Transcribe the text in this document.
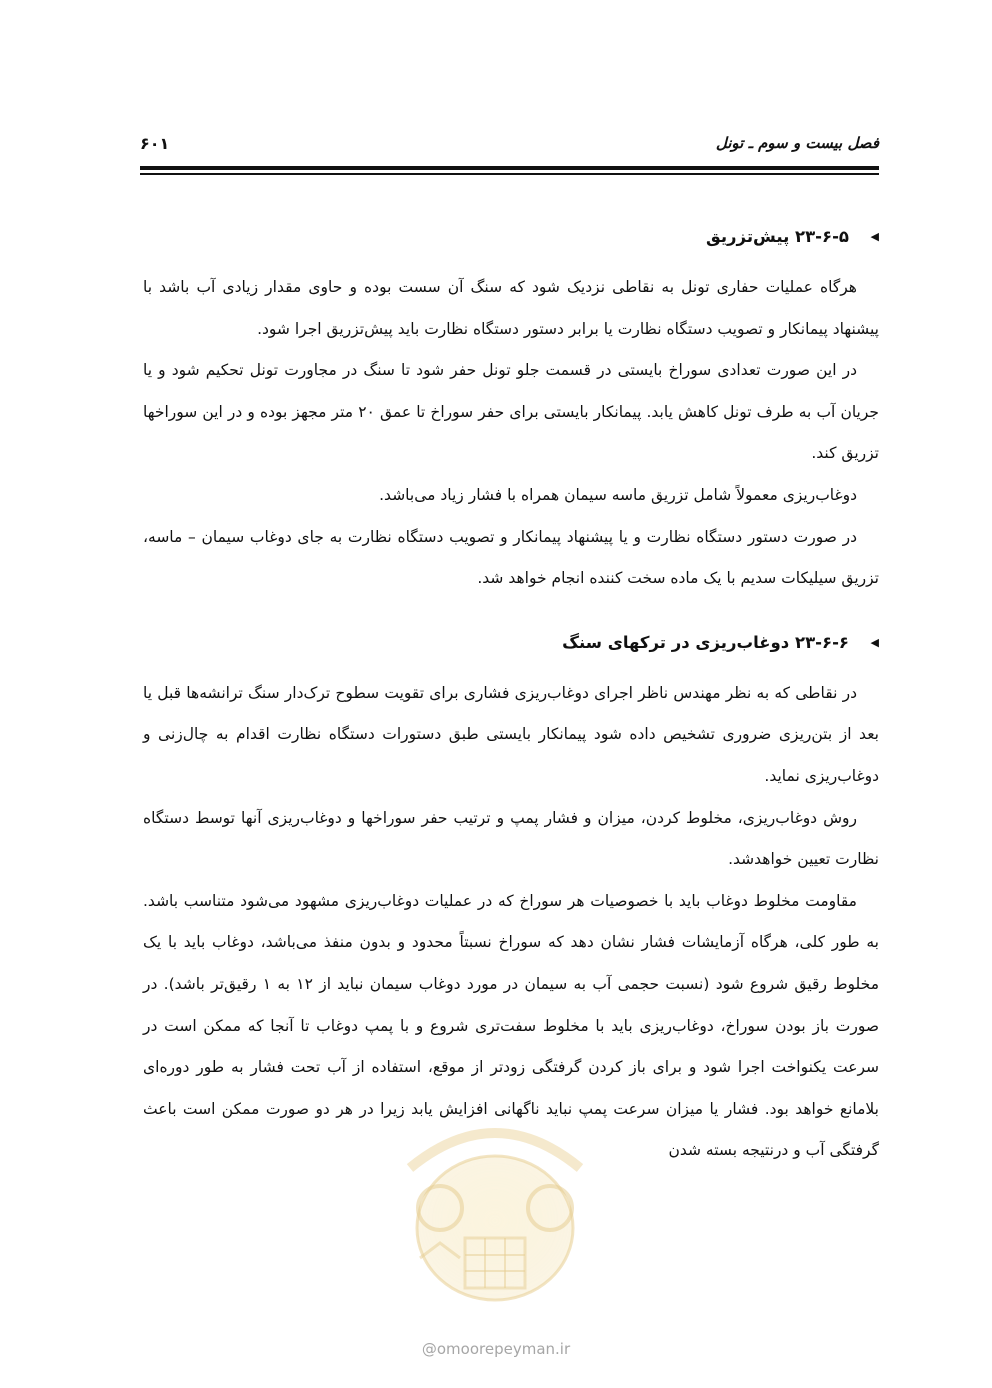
فصل بیست و سوم ـ تونل
۶۰۱
◀
۲۳-۶-۵ پیش‌تزریق

هرگاه عملیات حفاری تونل به نقاطی نزدیک شود که سنگ آن سست بوده و حاوی مقدار زیادی آب باشد با پیشنهاد پیمانکار و تصویب دستگاه نظارت یا برابر دستور دستگاه نظارت باید پیش‌تزریق اجرا شود.

در این صورت تعدادی سوراخ بایستی در قسمت جلو تونل حفر شود تا سنگ در مجاورت تونل تحکیم شود و یا جریان آب به طرف تونل کاهش یابد. پیمانکار بایستی برای حفر سوراخ تا عمق ۲۰ متر مجهز بوده و در این سوراخها تزریق کند.

دوغاب‌ریزی معمولاً شامل تزریق ماسه سیمان همراه با فشار زیاد می‌باشد.

در صورت دستور دستگاه نظارت و یا پیشنهاد پیمانکار و تصویب دستگاه نظارت به جای دوغاب سیمان – ماسه، تزریق سیلیکات سدیم با یک ماده سخت کننده انجام خواهد شد.

◀
۲۳-۶-۶ دوغاب‌ریزی در ترکهای سنگ

در نقاطی که به نظر مهندس ناظر اجرای دوغاب‌ریزی فشاری برای تقویت سطوح ترک‌دار سنگ ترانشه‌ها قبل یا بعد از بتن‌ریزی ضروری تشخیص داده شود پیمانکار بایستی طبق دستورات دستگاه نظارت اقدام به چال‌زنی و دوغاب‌ریزی نماید.

روش دوغاب‌ریزی، مخلوط کردن، میزان و فشار پمپ و ترتیب حفر سوراخها و دوغاب‌ریزی آنها توسط دستگاه نظارت تعیین خواهدشد.

مقاومت مخلوط دوغاب باید با خصوصیات هر سوراخ که در عملیات دوغاب‌ریزی مشهود می‌شود متناسب باشد. به طور کلی، هرگاه آزمایشات فشار نشان دهد که سوراخ نسبتاً محدود و بدون منفذ می‌باشد، دوغاب باید با یک مخلوط رقیق شروع شود (نسبت حجمی آب به سیمان در مورد دوغاب سیمان نباید از ۱۲ به ۱ رقیق‌تر باشد). در صورت باز بودن سوراخ، دوغاب‌ریزی باید با مخلوط سفت‌تری شروع و با پمپ دوغاب تا آنجا که ممکن است در سرعت یکنواخت اجرا شود و برای باز کردن گرفتگی زودتر از موقع، استفاده از آب تحت فشار به طور دوره‌ای بلامانع خواهد بود. فشار یا میزان سرعت پمپ نباید ناگهانی افزایش یابد زیرا در هر دو صورت ممکن است باعث گرفتگی آب و درنتیجه بسته شدن

@omoorepeyman.ir
